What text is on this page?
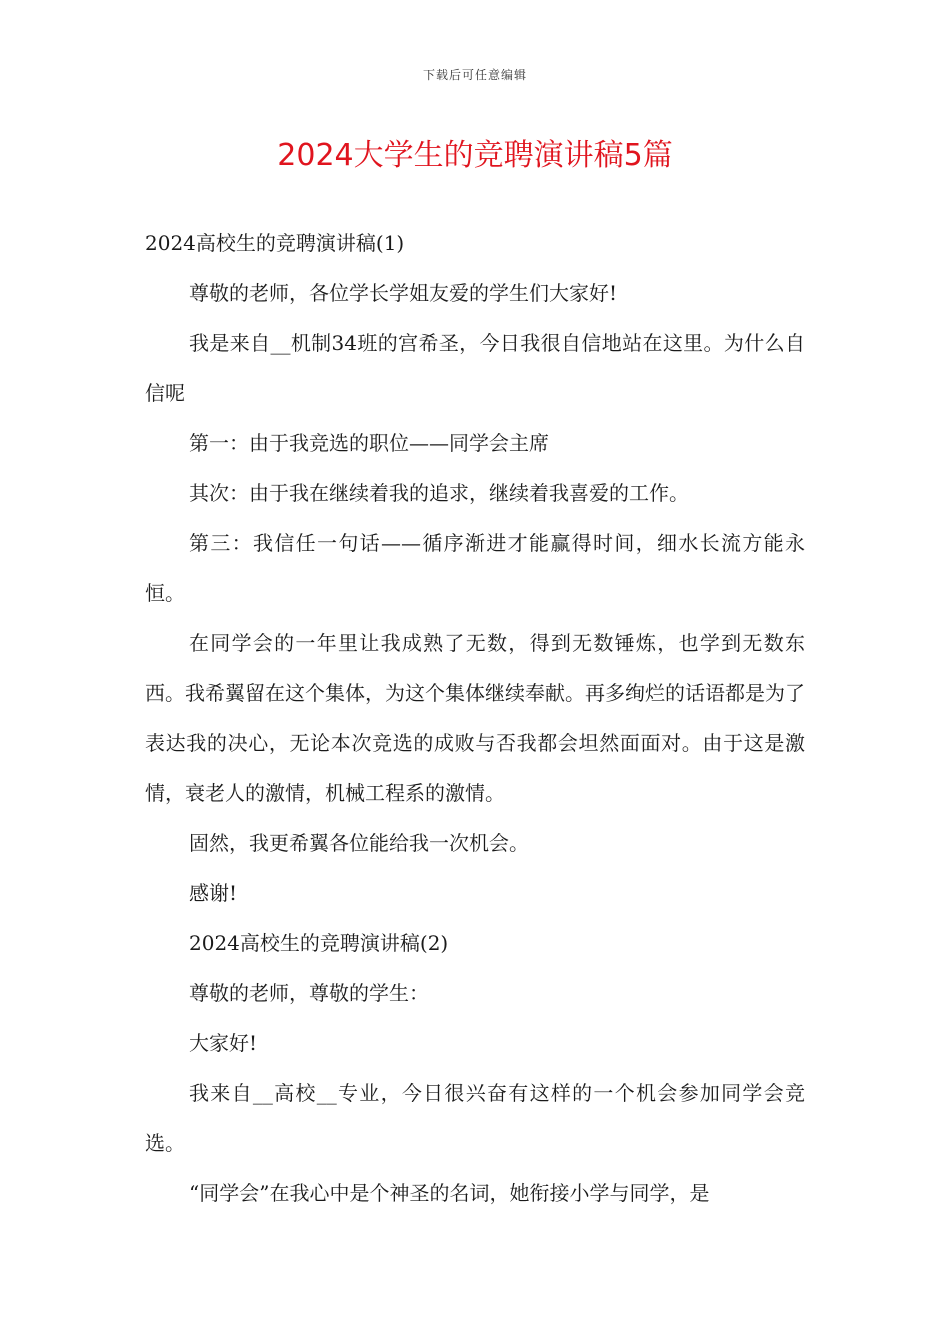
下载后可任意编辑
2024大学生的竞聘演讲稿5篇

2024高校生的竞聘演讲稿(1)

尊敬的老师，各位学长学姐友爱的学生们大家好!

我是来自__机制34班的宫希圣，今日我很自信地站在这里。为什么自信呢

第一：由于我竞选的职位——同学会主席

其次：由于我在继续着我的追求，继续着我喜爱的工作。

第三：我信任一句话——循序渐进才能赢得时间，细水长流方能永恒。

在同学会的一年里让我成熟了无数，得到无数锤炼，也学到无数东西。我希翼留在这个集体，为这个集体继续奉献。再多绚烂的话语都是为了表达我的决心，无论本次竞选的成败与否我都会坦然面面对。由于这是激情，衰老人的激情，机械工程系的激情。

固然，我更希翼各位能给我一次机会。

感谢!

2024高校生的竞聘演讲稿(2)

尊敬的老师，尊敬的学生：

大家好!

我来自__高校__专业，今日很兴奋有这样的一个机会参加同学会竞选。

“同学会”在我心中是个神圣的名词，她衔接小学与同学，是
